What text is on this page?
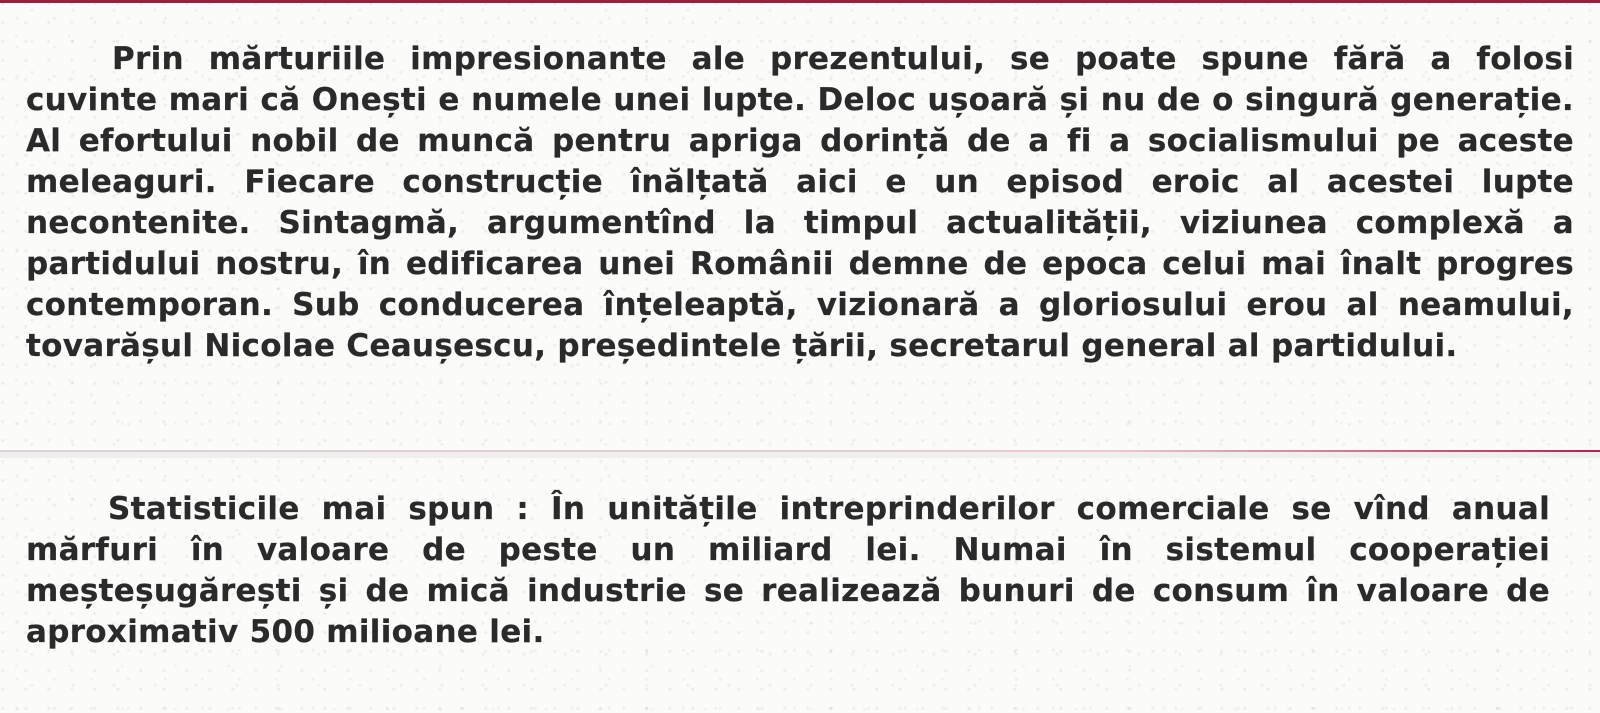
Prin mărturiile impresionante ale prezentului, se poate spune fără a folosi cuvinte mari că Onești e numele unei lupte. Deloc ușoară și nu de o singură generație. Al efortului nobil de muncă pentru apriga dorință de a fi a socialismului pe aceste meleaguri. Fiecare construcție înălțată aici e un episod eroic al acestei lupte necontenite. Sintagmă, argumentînd la timpul actualității, viziunea complexă a partidului nostru, în edificarea unei Românii demne de epoca celui mai înalt progres contemporan. Sub conducerea înțeleaptă, vizionară a gloriosului erou al neamului, tovarășul Nicolae Ceaușescu, președintele țării, secretarul general al partidului.

Statisticile mai spun : În unitățile intreprinderilor comerciale se vînd anual mărfuri în valoare de peste un miliard lei. Numai în sistemul cooperației meșteșugărești și de mică industrie se realizează bunuri de consum în valoare de aproximativ 500 milioane lei.
